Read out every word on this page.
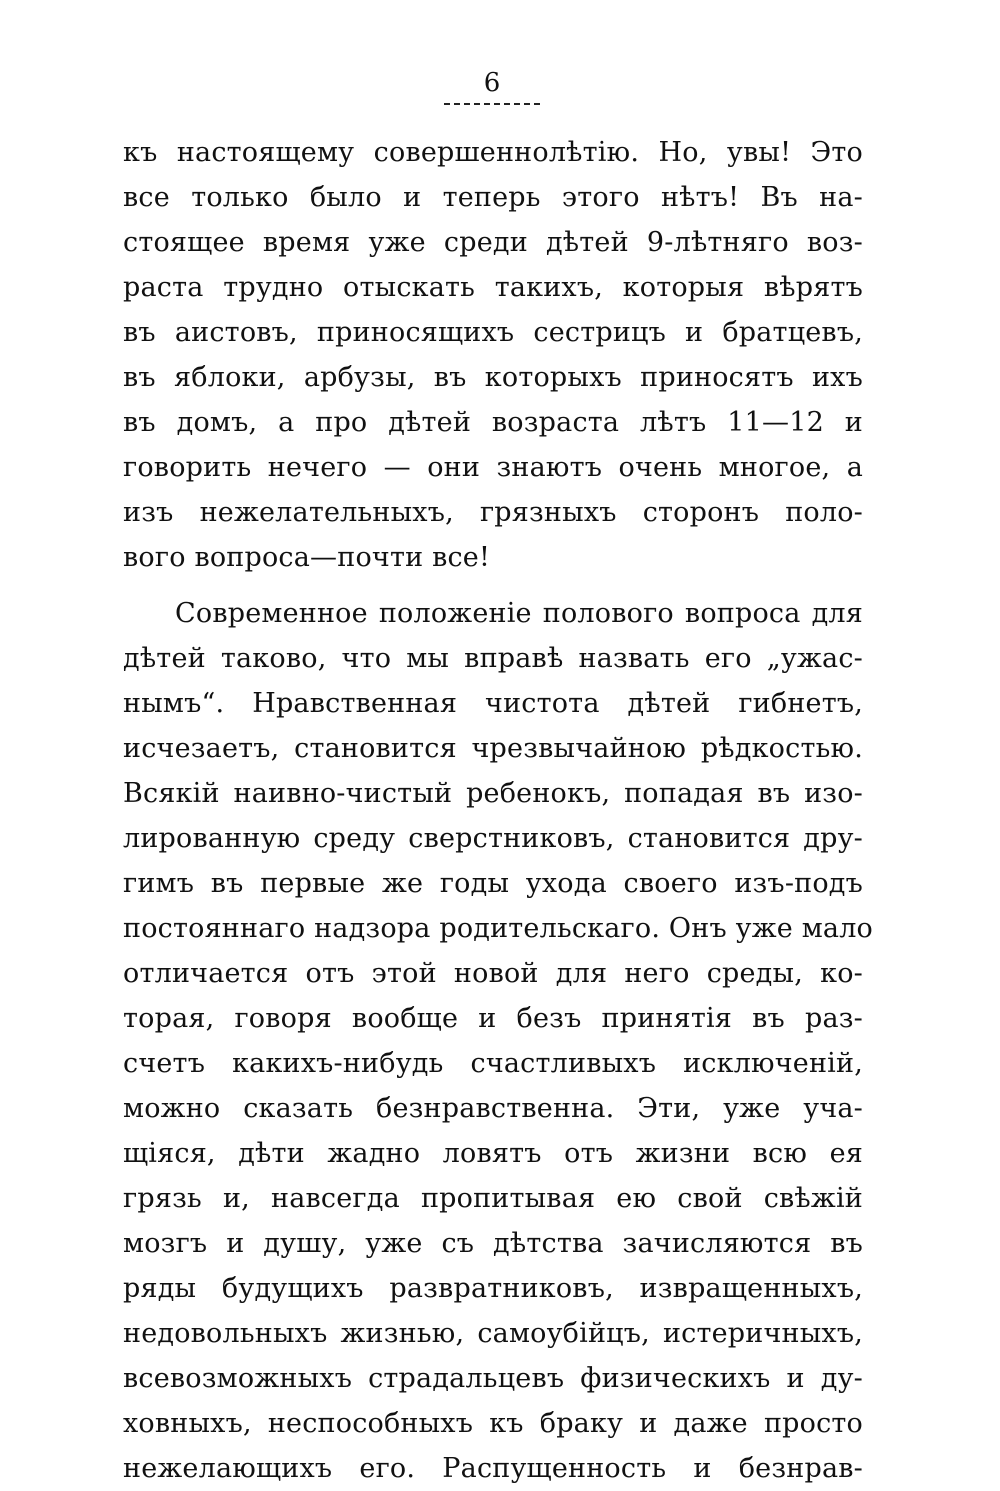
6
къ настоящему совершеннолѣтію. Но, увы! Это
все только было и теперь этого нѣтъ! Въ на-
стоящее время уже среди дѣтей 9-лѣтняго воз-
раста трудно отыскать такихъ, которыя вѣрятъ
въ аистовъ, приносящихъ сестрицъ и братцевъ,
въ яблоки, арбузы, въ которыхъ приносятъ ихъ
въ домъ, а про дѣтей возраста лѣтъ 11—12 и
говорить нечего — они знаютъ очень многое, а
изъ нежелательныхъ, грязныхъ сторонъ поло-
вого вопроса—почти все!
Современное положеніе полового вопроса для
дѣтей таково, что мы вправѣ назвать его „ужас-
нымъ“. Нравственная чистота дѣтей гибнетъ,
исчезаетъ, становится чрезвычайною рѣдкостью.
Всякій наивно-чистый ребенокъ, попадая въ изо-
лированную среду сверстниковъ, становится дру-
гимъ въ первые же годы ухода своего изъ-подъ
постояннаго надзора родительскаго. Онъ уже мало
отличается отъ этой новой для него среды, ко-
торая, говоря вообще и безъ принятія въ раз-
счетъ какихъ-нибудь счастливыхъ исключеній,
можно сказать безнравственна. Эти, уже уча-
щіяся, дѣти жадно ловятъ отъ жизни всю ея
грязь и, навсегда пропитывая ею свой свѣжій
мозгъ и душу, уже съ дѣтства зачисляются въ
ряды будущихъ развратниковъ, извращенныхъ,
недовольныхъ жизнью, самоубійцъ, истеричныхъ,
всевозможныхъ страдальцевъ физическихъ и ду-
ховныхъ, неспособныхъ къ браку и даже просто
нежелающихъ его. Распущенность и безнрав-
